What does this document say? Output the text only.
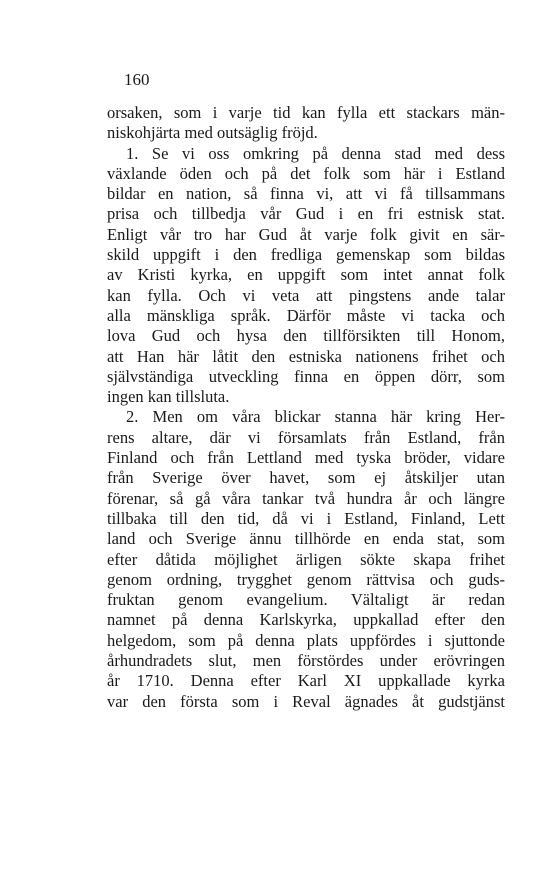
160
orsaken, som i varje tid kan fylla ett stackars män-
niskohjärta med outsäglig fröjd.
1. Se vi oss omkring på denna stad med dess
växlande öden och på det folk som här i Estland
bildar en nation, så finna vi, att vi få tillsammans
prisa och tillbedja vår Gud i en fri estnisk stat.
Enligt vår tro har Gud åt varje folk givit en sär-
skild uppgift i den fredliga gemenskap som bildas
av Kristi kyrka, en uppgift som intet annat folk
kan fylla. Och vi veta att pingstens ande talar
alla mänskliga språk. Därför måste vi tacka och
lova Gud och hysa den tillförsikten till Honom,
att Han här låtit den estniska nationens frihet och
självständiga utveckling finna en öppen dörr, som
ingen kan tillsluta.
2. Men om våra blickar stanna här kring Her-
rens altare, där vi församlats från Estland, från
Finland och från Lettland med tyska bröder, vidare
från Sverige över havet, som ej åtskiljer utan
förenar, så gå våra tankar två hundra år och längre
tillbaka till den tid, då vi i Estland, Finland, Lett
land och Sverige ännu tillhörde en enda stat, som
efter dåtida möjlighet ärligen sökte skapa frihet
genom ordning, trygghet genom rättvisa och guds-
fruktan genom evangelium. Vältaligt är redan
namnet på denna Karlskyrka, uppkallad efter den
helgedom, som på denna plats uppfördes i sjuttonde
århundradets slut, men förstördes under erövringen
år 1710. Denna efter Karl XI uppkallade kyrka
var den första som i Reval ägnades åt gudstjänst
